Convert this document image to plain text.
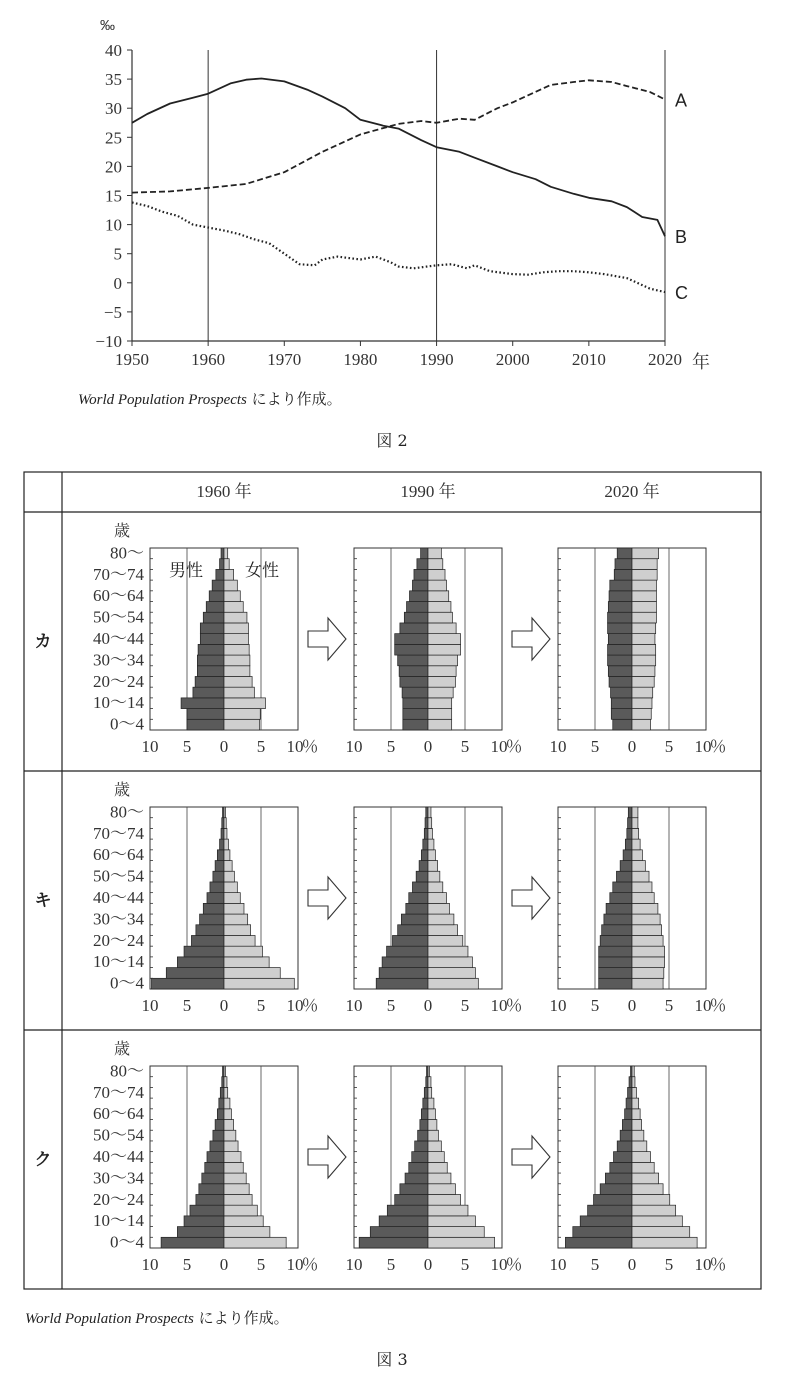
‰
−10
−5
0
5
10
15
20
25
30
35
40
1950 1960 1970 1980 1990 2000 2010 2020
A
B
C
年
World Population Prospects により作成。
図 2
1960 年	1990 年	2020 年
カ
歳
80～
70～74
60～64
50～54
40～44
30～34
20～24
10～14
0～4
10 5 0 5 10
％ 10 5 0 5 10
％ 10 5 0 5 10
％
男性 女性
キ
歳
80～
70～74
60～64
50～54
40～44
30～34
20～24
10～14
0～4
10 5 0 5 10
％ 10 5 0 5 10
％ 10 5 0 5 10
％
ク
歳
80～
70～74
60～64
50～54
40～44
30～34
20～24
10～14
0～4
10 5 0 5 10
％ 10 5 0 5 10
％ 10 5 0 5 10
％
World Population Prospects により作成。
図 3
